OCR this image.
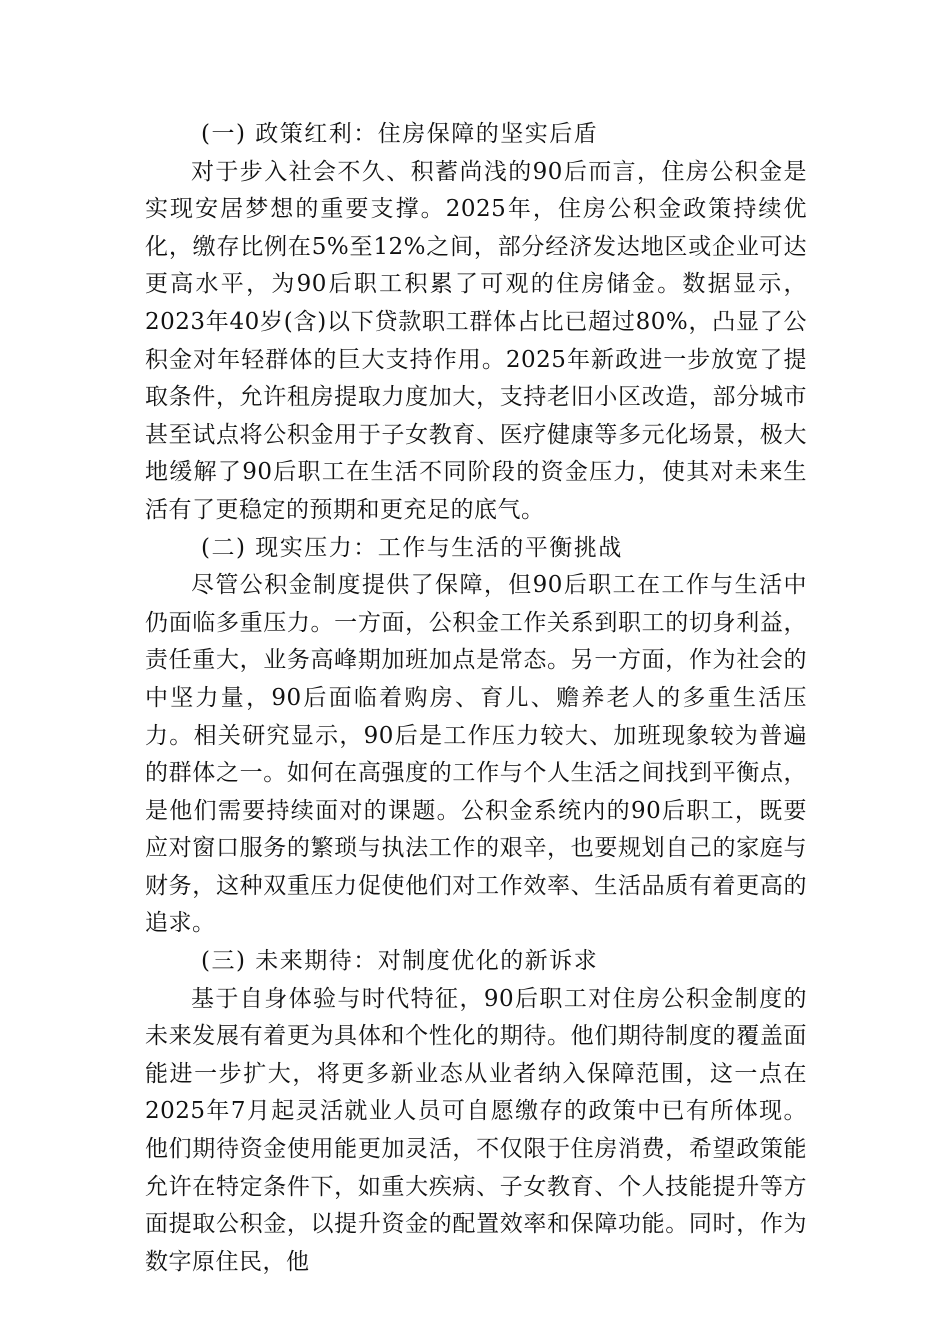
(一) 政策红利：住房保障的坚实后盾

对于步入社会不久、积蓄尚浅的90后而言，住房公积金是实现安居梦想的重要支撑。2025年，住房公积金政策持续优化，缴存比例在5%至12%之间，部分经济发达地区或企业可达更高水平，为90后职工积累了可观的住房储金。数据显示，2023年40岁(含)以下贷款职工群体占比已超过80%，凸显了公积金对年轻群体的巨大支持作用。2025年新政进一步放宽了提取条件，允许租房提取力度加大，支持老旧小区改造，部分城市甚至试点将公积金用于子女教育、医疗健康等多元化场景，极大地缓解了90后职工在生活不同阶段的资金压力，使其对未来生活有了更稳定的预期和更充足的底气。

(二) 现实压力：工作与生活的平衡挑战

尽管公积金制度提供了保障，但90后职工在工作与生活中仍面临多重压力。一方面，公积金工作关系到职工的切身利益，责任重大，业务高峰期加班加点是常态。另一方面，作为社会的中坚力量，90后面临着购房、育儿、赡养老人的多重生活压力。相关研究显示，90后是工作压力较大、加班现象较为普遍的群体之一。如何在高强度的工作与个人生活之间找到平衡点，是他们需要持续面对的课题。公积金系统内的90后职工，既要应对窗口服务的繁琐与执法工作的艰辛，也要规划自己的家庭与财务，这种双重压力促使他们对工作效率、生活品质有着更高的追求。

(三) 未来期待：对制度优化的新诉求

基于自身体验与时代特征，90后职工对住房公积金制度的未来发展有着更为具体和个性化的期待。他们期待制度的覆盖面能进一步扩大，将更多新业态从业者纳入保障范围，这一点在2025年7月起灵活就业人员可自愿缴存的政策中已有所体现。他们期待资金使用能更加灵活，不仅限于住房消费，希望政策能允许在特定条件下，如重大疾病、子女教育、个人技能提升等方面提取公积金，以提升资金的配置效率和保障功能。同时，作为数字原住民，他
